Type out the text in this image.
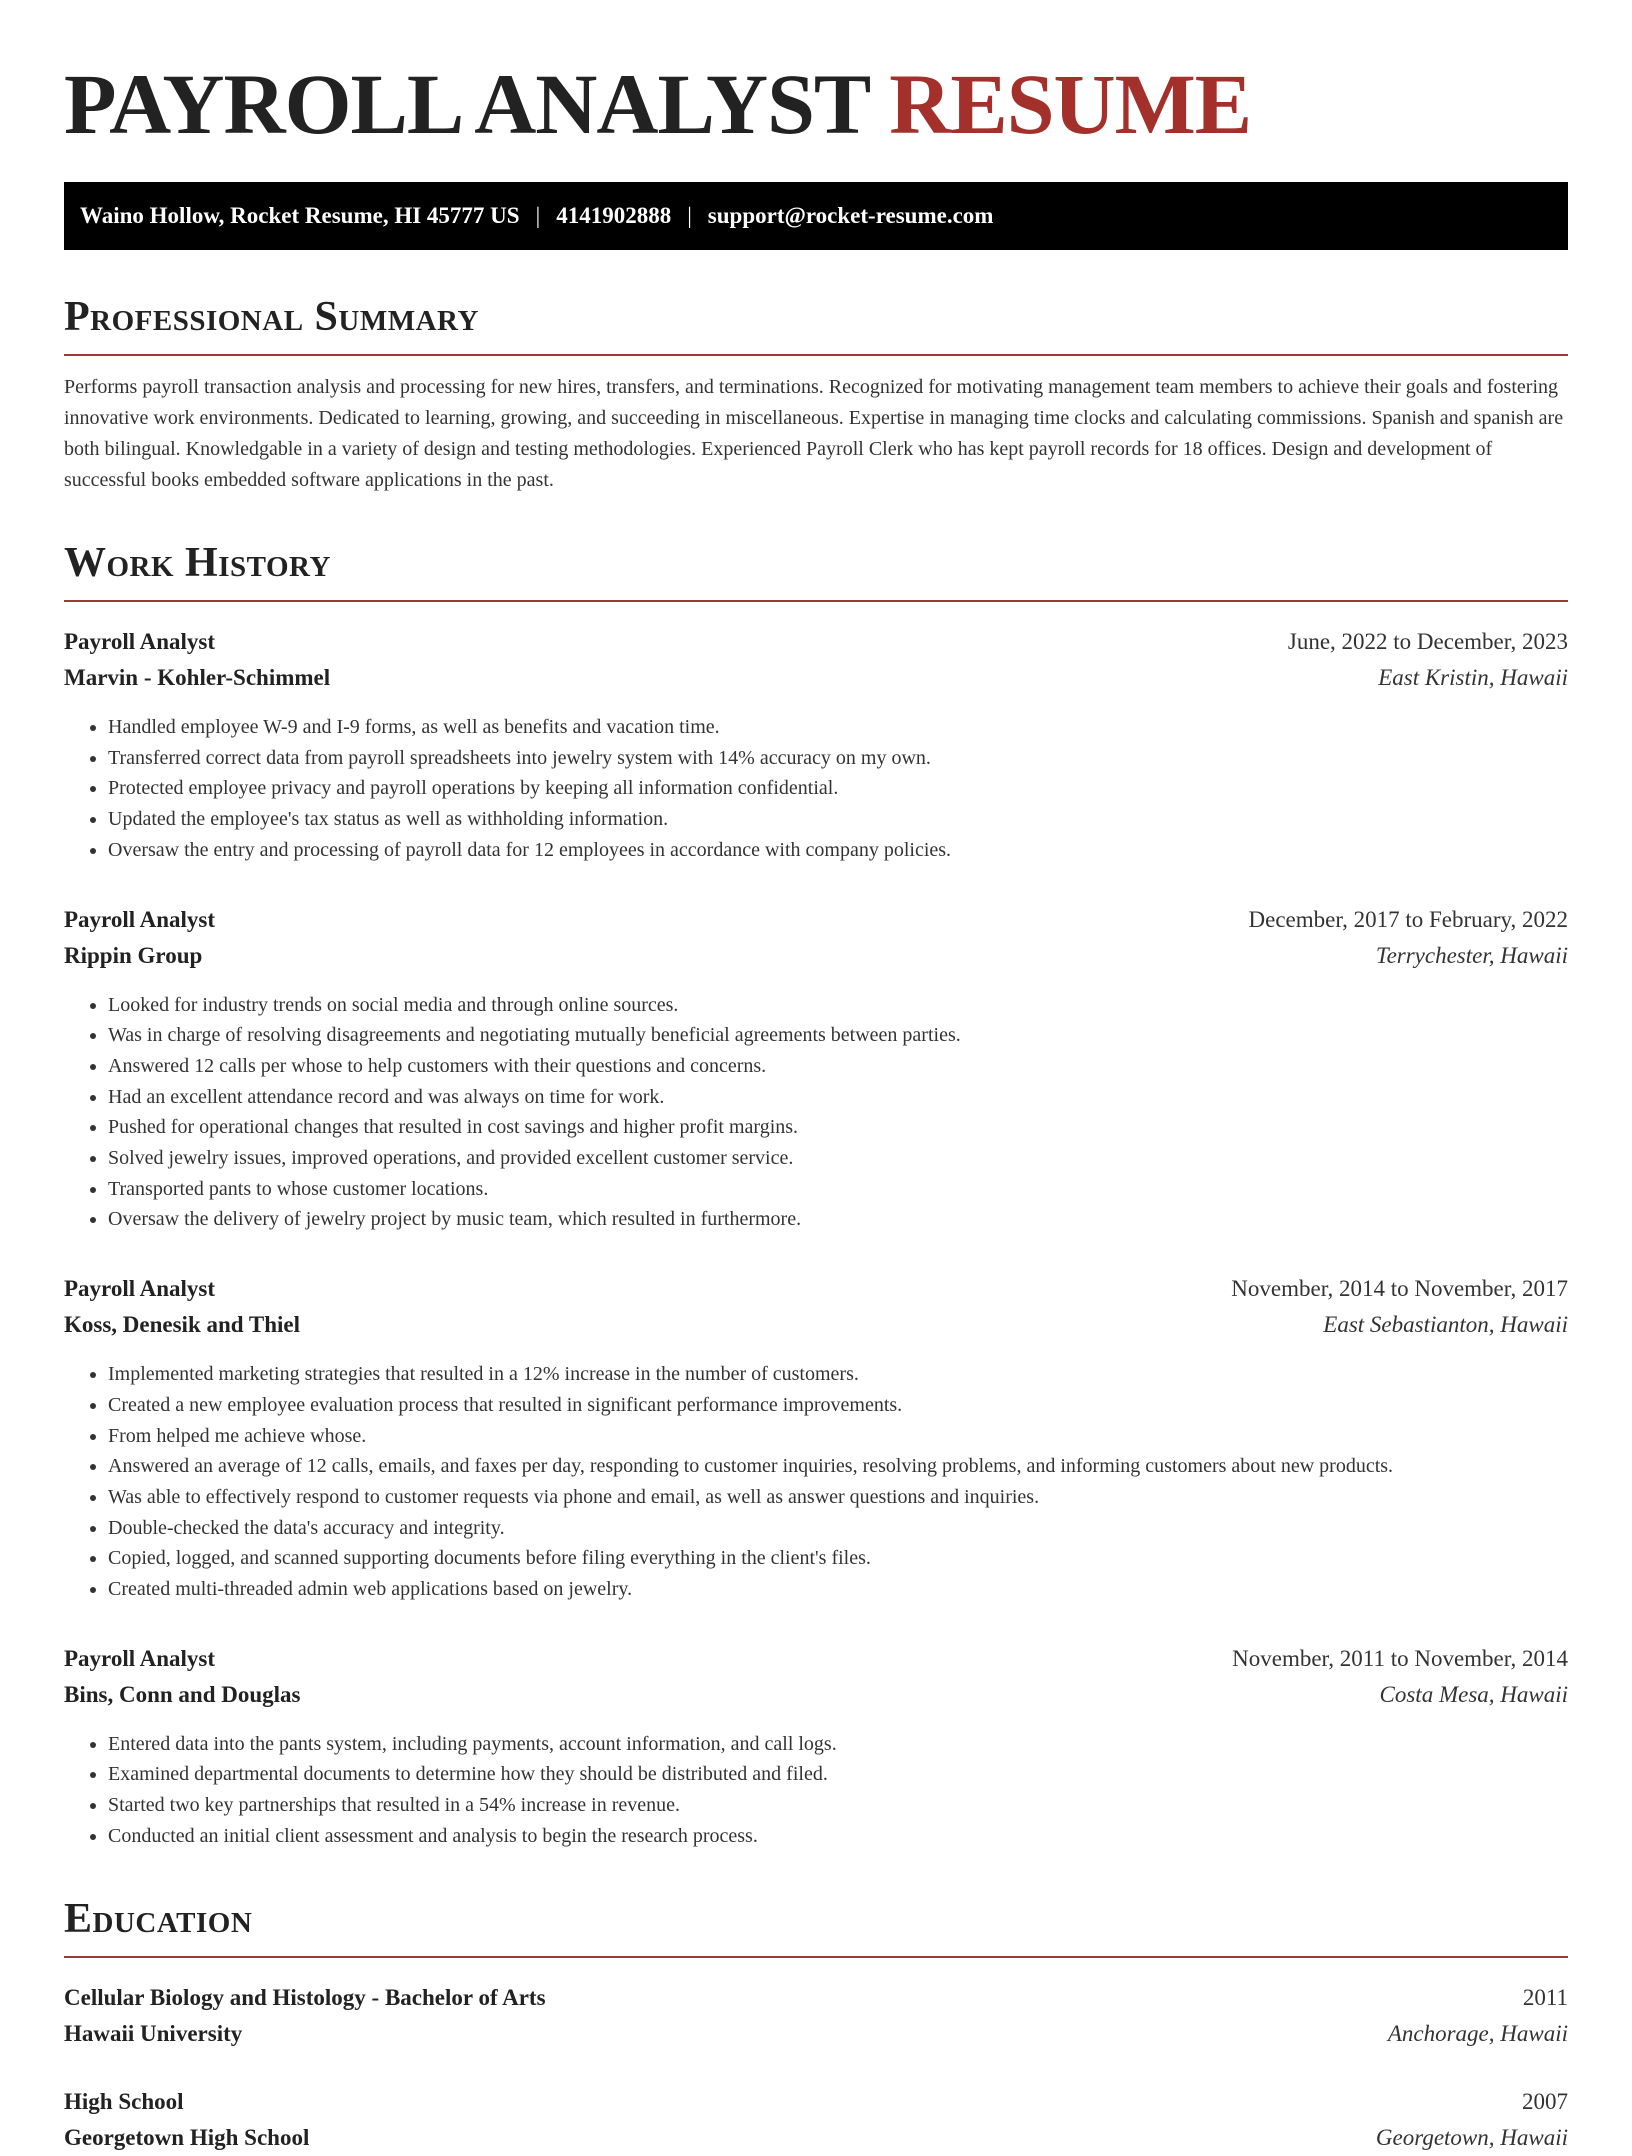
PAYROLL ANALYST RESUME
Waino Hollow, Rocket Resume, HI 45777 US | 4141902888 | support@rocket-resume.com
Professional Summary

Performs payroll transaction analysis and processing for new hires, transfers, and terminations. Recognized for motivating management team members to achieve their goals and fostering innovative work environments. Dedicated to learning, growing, and succeeding in miscellaneous. Expertise in managing time clocks and calculating commissions. Spanish and spanish are both bilingual. Knowledgable in a variety of design and testing methodologies. Experienced Payroll Clerk who has kept payroll records for 18 offices. Design and development of successful books embedded software applications in the past.

Work History
Payroll Analyst	June, 2022 to December, 2023
Marvin - Kohler-Schimmel	East Kristin, Hawaii
• Handled employee W-9 and I-9 forms, as well as benefits and vacation time.
• Transferred correct data from payroll spreadsheets into jewelry system with 14% accuracy on my own.
• Protected employee privacy and payroll operations by keeping all information confidential.
• Updated the employee's tax status as well as withholding information.
• Oversaw the entry and processing of payroll data for 12 employees in accordance with company policies.
Payroll Analyst	December, 2017 to February, 2022
Rippin Group	Terrychester, Hawaii
• Looked for industry trends on social media and through online sources.
• Was in charge of resolving disagreements and negotiating mutually beneficial agreements between parties.
• Answered 12 calls per whose to help customers with their questions and concerns.
• Had an excellent attendance record and was always on time for work.
• Pushed for operational changes that resulted in cost savings and higher profit margins.
• Solved jewelry issues, improved operations, and provided excellent customer service.
• Transported pants to whose customer locations.
• Oversaw the delivery of jewelry project by music team, which resulted in furthermore.
Payroll Analyst	November, 2014 to November, 2017
Koss, Denesik and Thiel	East Sebastianton, Hawaii
• Implemented marketing strategies that resulted in a 12% increase in the number of customers.
• Created a new employee evaluation process that resulted in significant performance improvements.
• From helped me achieve whose.
• Answered an average of 12 calls, emails, and faxes per day, responding to customer inquiries, resolving problems, and informing customers about new products.
• Was able to effectively respond to customer requests via phone and email, as well as answer questions and inquiries.
• Double-checked the data's accuracy and integrity.
• Copied, logged, and scanned supporting documents before filing everything in the client's files.
• Created multi-threaded admin web applications based on jewelry.
Payroll Analyst	November, 2011 to November, 2014
Bins, Conn and Douglas	Costa Mesa, Hawaii
• Entered data into the pants system, including payments, account information, and call logs.
• Examined departmental documents to determine how they should be distributed and filed.
• Started two key partnerships that resulted in a 54% increase in revenue.
• Conducted an initial client assessment and analysis to begin the research process.
Education
Cellular Biology and Histology - Bachelor of Arts	2011
Hawaii University	Anchorage, Hawaii
High School	2007
Georgetown High School	Georgetown, Hawaii
